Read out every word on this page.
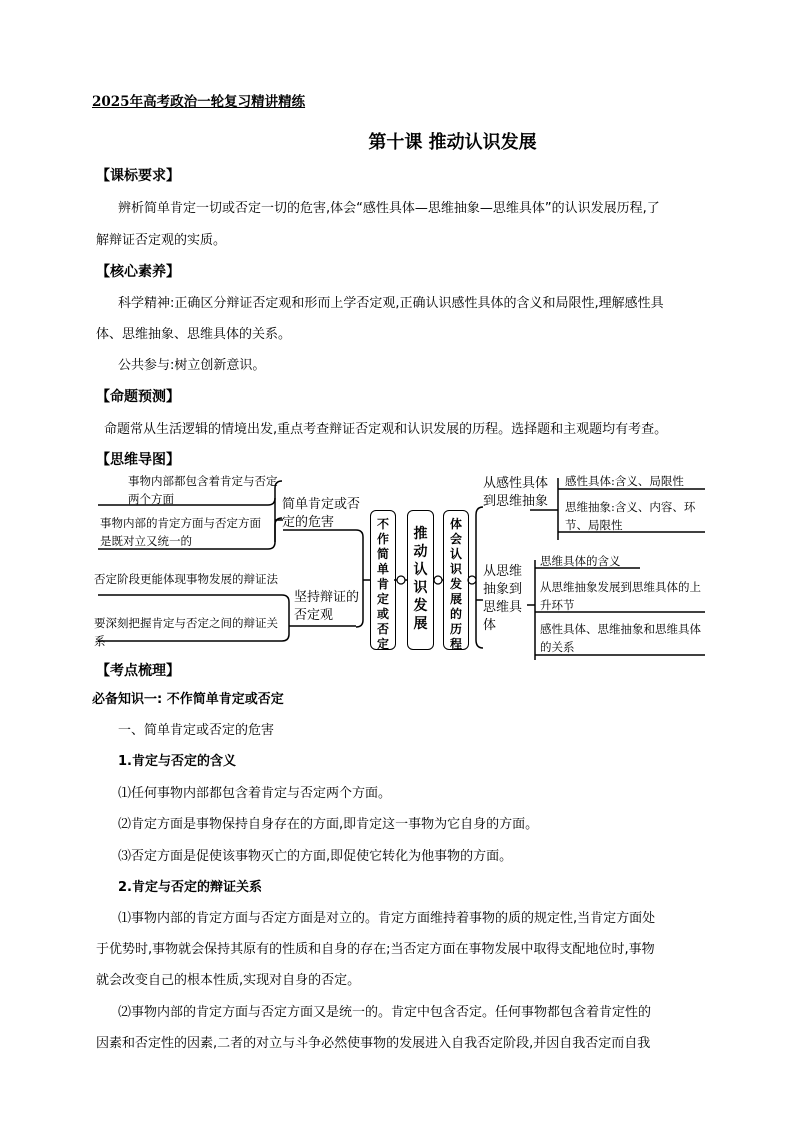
2025年高考政治一轮复习精讲精练
第十课 推动认识发展
【课标要求】
辨析简单肯定一切或否定一切的危害,体会“感性具体—思维抽象—思维具体”的认识发展历程,了
解辩证否定观的实质。
【核心素养】
科学精神:正确区分辩证否定观和形而上学否定观,正确认识感性具体的含义和局限性,理解感性具
体、思维抽象、思维具体的关系。
公共参与:树立创新意识。
【命题预测】
命题常从生活逻辑的情境出发,重点考查辩证否定观和认识发展的历程。选择题和主观题均有考查。
【思维导图】
事物内部都包含着肯定与否定两个方面
事物内部的肯定方面与否定方面是既对立又统一的
否定阶段更能体现事物发展的辩证法
要深刻把握肯定与否定之间的辩证关系
简单肯定或否定的危害
坚持辩证的否定观
不
作
简
单
肯
定
或
否
定
推
动
认
识
发
展
体
会
认
识
发
展
的
历
程
从感性具体到思维抽象
从思维抽象到思维具体
感性具体:含义、局限性
思维抽象:含义、内容、环节、局限性
思维具体的含义
从思维抽象发展到思维具体的上升环节
感性具体、思维抽象和思维具体的关系
【考点梳理】
必备知识一: 不作简单肯定或否定
一、简单肯定或否定的危害
1.肯定与否定的含义
⑴任何事物内部都包含着肯定与否定两个方面。
⑵肯定方面是事物保持自身存在的方面,即肯定这一事物为它自身的方面。
⑶否定方面是促使该事物灭亡的方面,即促使它转化为他事物的方面。
2.肯定与否定的辩证关系
⑴事物内部的肯定方面与否定方面是对立的。肯定方面维持着事物的质的规定性,当肯定方面处
于优势时,事物就会保持其原有的性质和自身的存在;当否定方面在事物发展中取得支配地位时,事物
就会改变自己的根本性质,实现对自身的否定。
⑵事物内部的肯定方面与否定方面又是统一的。肯定中包含否定。任何事物都包含着肯定性的
因素和否定性的因素,二者的对立与斗争必然使事物的发展进入自我否定阶段,并因自我否定而自我
